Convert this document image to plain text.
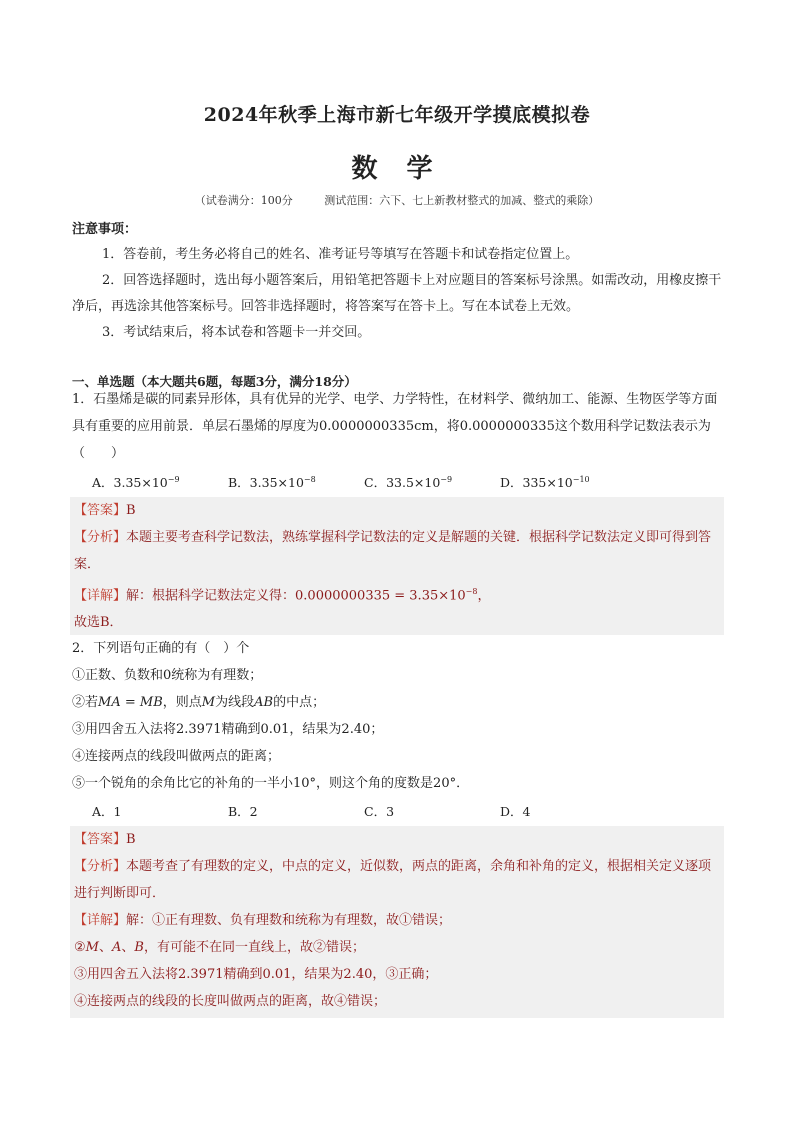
2024年秋季上海市新七年级开学摸底模拟卷
数 学
（试卷满分：100分	测试范围：六下、七上新教材整式的加减、整式的乘除）
注意事项：

1．答卷前，考生务必将自己的姓名、准考证号等填写在答题卡和试卷指定位置上。

2．回答选择题时，选出每小题答案后，用铅笔把答题卡上对应题目的答案标号涂黑。如需改动，用橡皮擦干净后，再选涂其他答案标号。回答非选择题时，将答案写在答卡上。写在本试卷上无效。

3．考试结束后，将本试卷和答题卡一并交回。

一、单选题（本大题共6题，每题3分，满分18分）
1．石墨烯是碳的同素异形体，具有优异的光学、电学、力学特性，在材料学、微纳加工、能源、生物医学等方面具有重要的应用前景．单层石墨烯的厚度为0.0000000335cm，将0.0000000335这个数用科学记数法表示为（　　）
A．$3.35\times 10^{-9}$	B．$3.35\times 10^{-8}$	C．$33.5\times 10^{-9}$	D．$335\times 10^{-10}$
【答案】B
【分析】本题主要考查科学记数法，熟练掌握科学记数法的定义是解题的关键．根据科学记数法定义即可得到答案．
【详解】解：根据科学记数法定义得：$0.0000000335 = 3.35\times 10^{-8}$，
故选B．
2．下列语句正确的有（　）个
①正数、负数和0统称为有理数；
②若MA = MB，则点M为线段AB的中点；
③用四舍五入法将2.3971精确到0.01，结果为2.40；
④连接两点的线段叫做两点的距离；
⑤一个锐角的余角比它的补角的一半小10°，则这个角的度数是20°．
A．1	B．2	C．3	D．4
【答案】B
【分析】本题考查了有理数的定义，中点的定义，近似数，两点的距离，余角和补角的定义，根据相关定义逐项进行判断即可．
【详解】解：①正有理数、负有理数和统称为有理数，故①错误；
②M、A、B，有可能不在同一直线上，故②错误；
③用四舍五入法将2.3971精确到0.01，结果为2.40，③正确；
④连接两点的线段的长度叫做两点的距离，故④错误；
